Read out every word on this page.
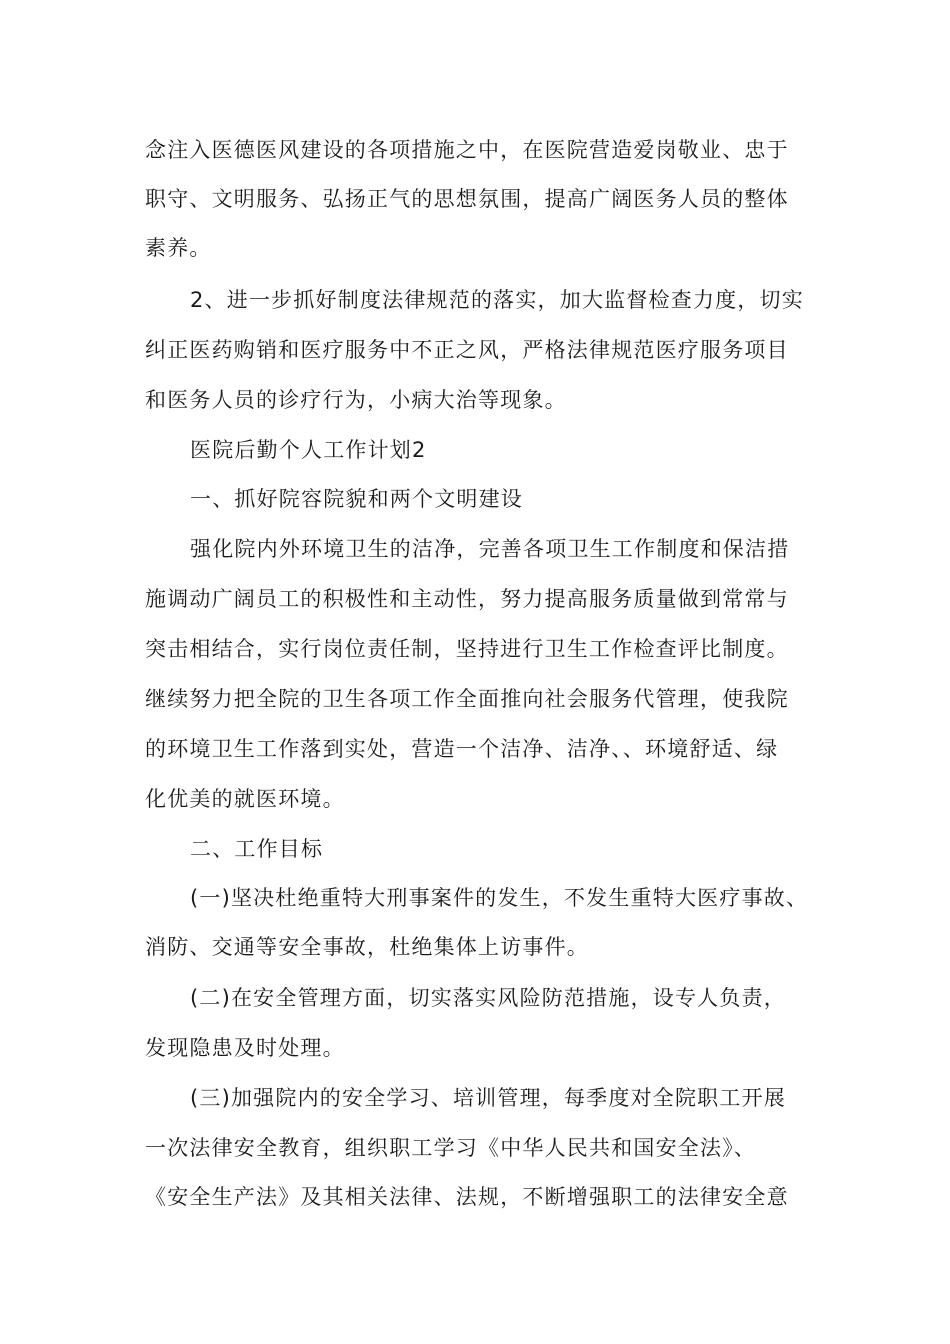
念注入医德医风建设的各项措施之中，在医院营造爱岗敬业、忠于
职守、文明服务、弘扬正气的思想氛围，提高广阔医务人员的整体
素养。
2、进一步抓好制度法律规范的落实，加大监督检查力度，切实
纠正医药购销和医疗服务中不正之风，严格法律规范医疗服务项目
和医务人员的诊疗行为，小病大治等现象。
医院后勤个人工作计划2
一、抓好院容院貌和两个文明建设
强化院内外环境卫生的洁净，完善各项卫生工作制度和保洁措
施调动广阔员工的积极性和主动性，努力提高服务质量做到常常与
突击相结合，实行岗位责任制，坚持进行卫生工作检查评比制度。
继续努力把全院的卫生各项工作全面推向社会服务代管理，使我院
的环境卫生工作落到实处，营造一个洁净、洁净、、环境舒适、绿
化优美的就医环境。
二、工作目标
(一)坚决杜绝重特大刑事案件的发生，不发生重特大医疗事故、
消防、交通等安全事故，杜绝集体上访事件。
(二)在安全管理方面，切实落实风险防范措施，设专人负责，
发现隐患及时处理。
(三)加强院内的安全学习、培训管理，每季度对全院职工开展
一次法律安全教育，组织职工学习《中华人民共和国安全法》、
《安全生产法》及其相关法律、法规，不断增强职工的法律安全意
